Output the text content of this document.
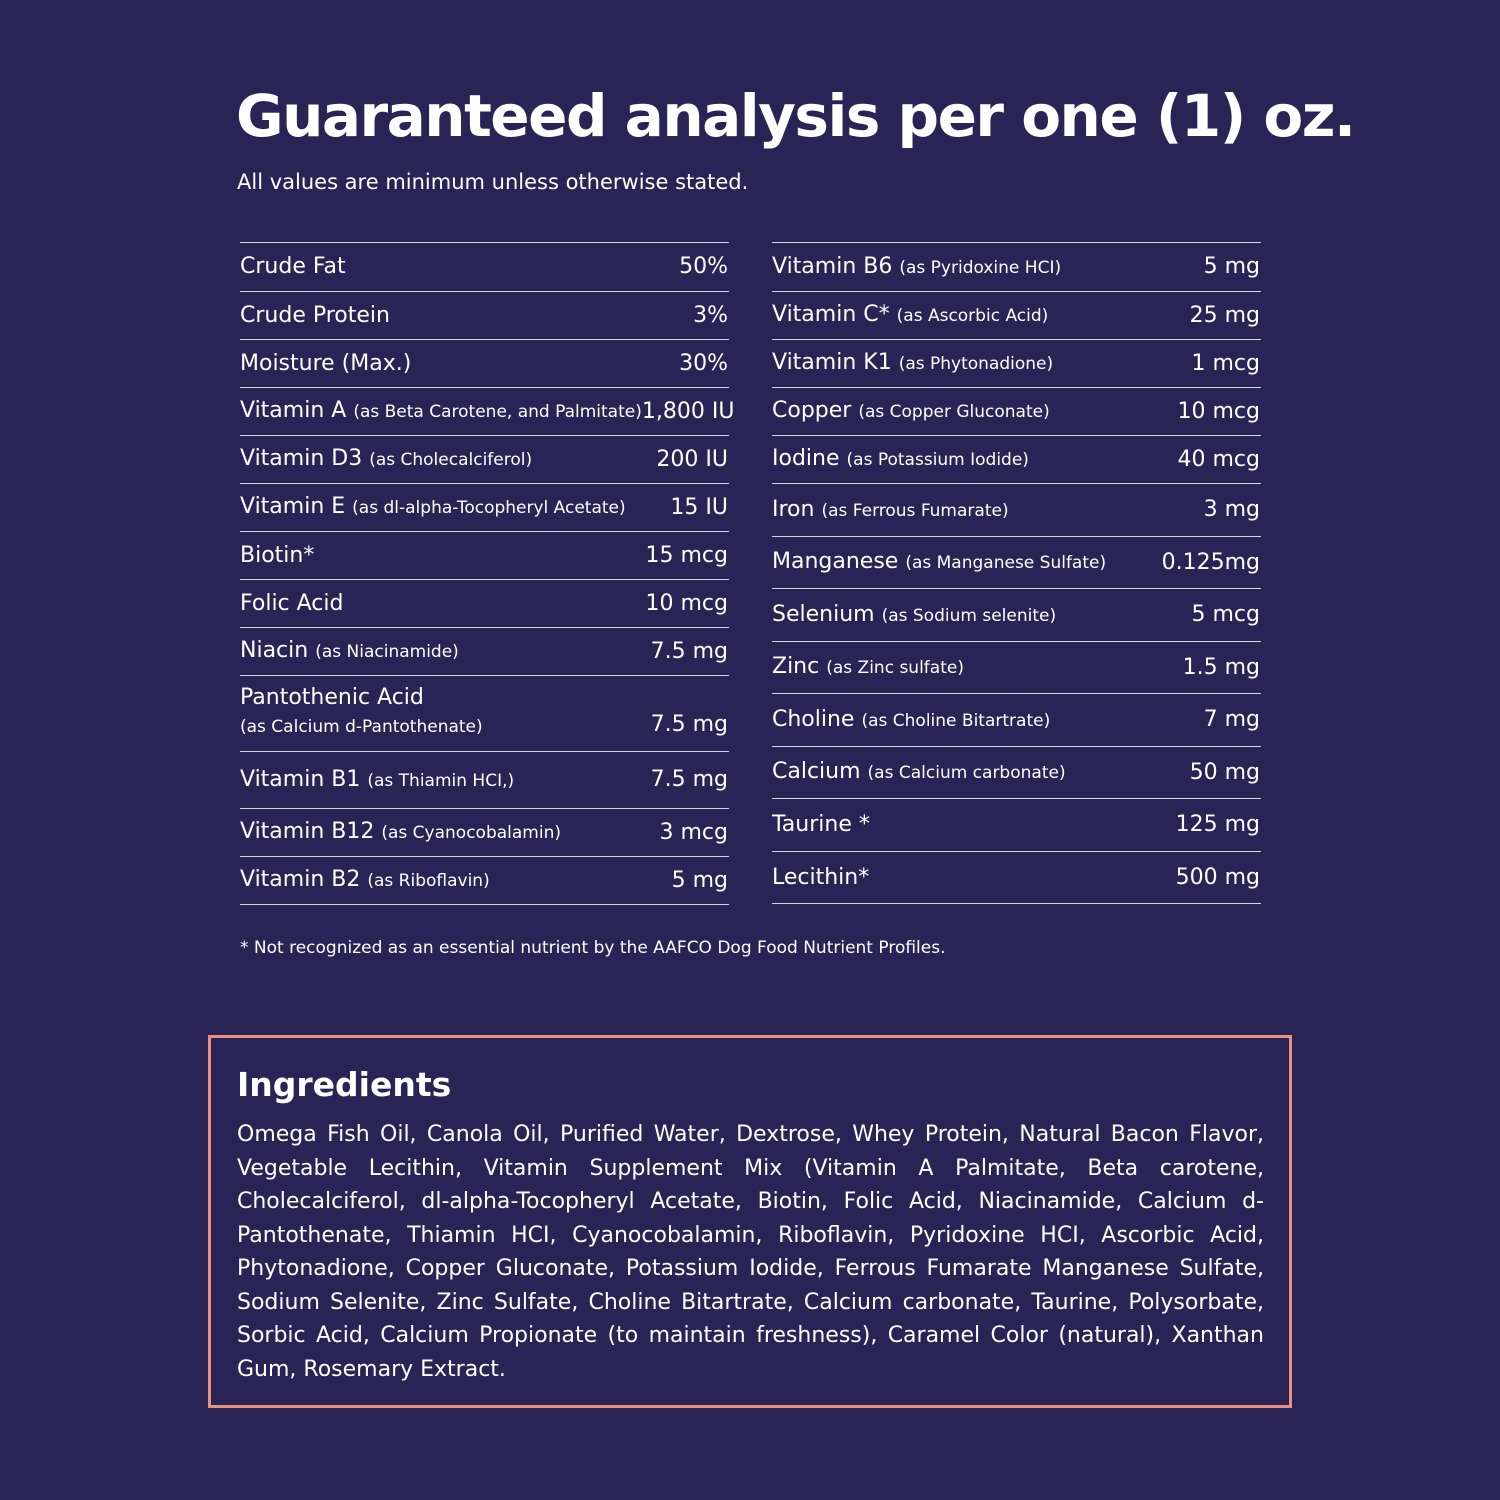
Guaranteed analysis per one (1) oz.

All values are minimum unless otherwise stated.

Crude Fat	50%
Crude Protein	3%
Moisture (Max.)	30%
Vitamin A (as Beta Carotene, and Palmitate) 1,800 IU
Vitamin D3 (as Cholecalciferol)	200 IU
Vitamin E (as dl-alpha-Tocopheryl Acetate) 15 IU
Biotin*	15 mcg
Folic Acid	10 mcg
Niacin (as Niacinamide)	7.5 mg
Pantothenic Acid
(as Calcium d-Pantothenate)	7.5 mg
Vitamin B1 (as Thiamin HCI,)	7.5 mg
Vitamin B12 (as Cyanocobalamin)	3 mcg
Vitamin B2 (as Riboflavin)	5 mg
Vitamin B6 (as Pyridoxine HCI)	5 mg
Vitamin C* (as Ascorbic Acid)	25 mg
Vitamin K1 (as Phytonadione)	1 mcg
Copper (as Copper Gluconate)	10 mcg
Iodine (as Potassium Iodide)	40 mcg
Iron (as Ferrous Fumarate)	3 mg
Manganese (as Manganese Sulfate)	0.125mg
Selenium (as Sodium selenite)	5 mcg
Zinc (as Zinc sulfate)	1.5 mg
Choline (as Choline Bitartrate)	7 mg
Calcium (as Calcium carbonate)	50 mg
Taurine *	125 mg
Lecithin*	500 mg

* Not recognized as an essential nutrient by the AAFCO Dog Food Nutrient Profiles.

Ingredients

Omega Fish Oil, Canola Oil, Purified Water, Dextrose, Whey Protein, Natural Bacon Flavor, Vegetable Lecithin, Vitamin Supplement Mix (Vitamin A Palmitate, Beta carotene, Cholecalciferol, dl-alpha-Tocopheryl Acetate, Biotin, Folic Acid, Niacinamide, Calcium d-Pantothenate, Thiamin HCI, Cyanocobalamin, Riboflavin, Pyridoxine HCI, Ascorbic Acid, Phytonadione, Copper Gluconate, Potassium Iodide, Ferrous Fumarate Manganese Sulfate, Sodium Selenite, Zinc Sulfate, Choline Bitartrate, Calcium carbonate, Taurine, Polysorbate, Sorbic Acid, Calcium Propionate (to maintain freshness), Caramel Color (natural), Xanthan Gum, Rosemary Extract.
